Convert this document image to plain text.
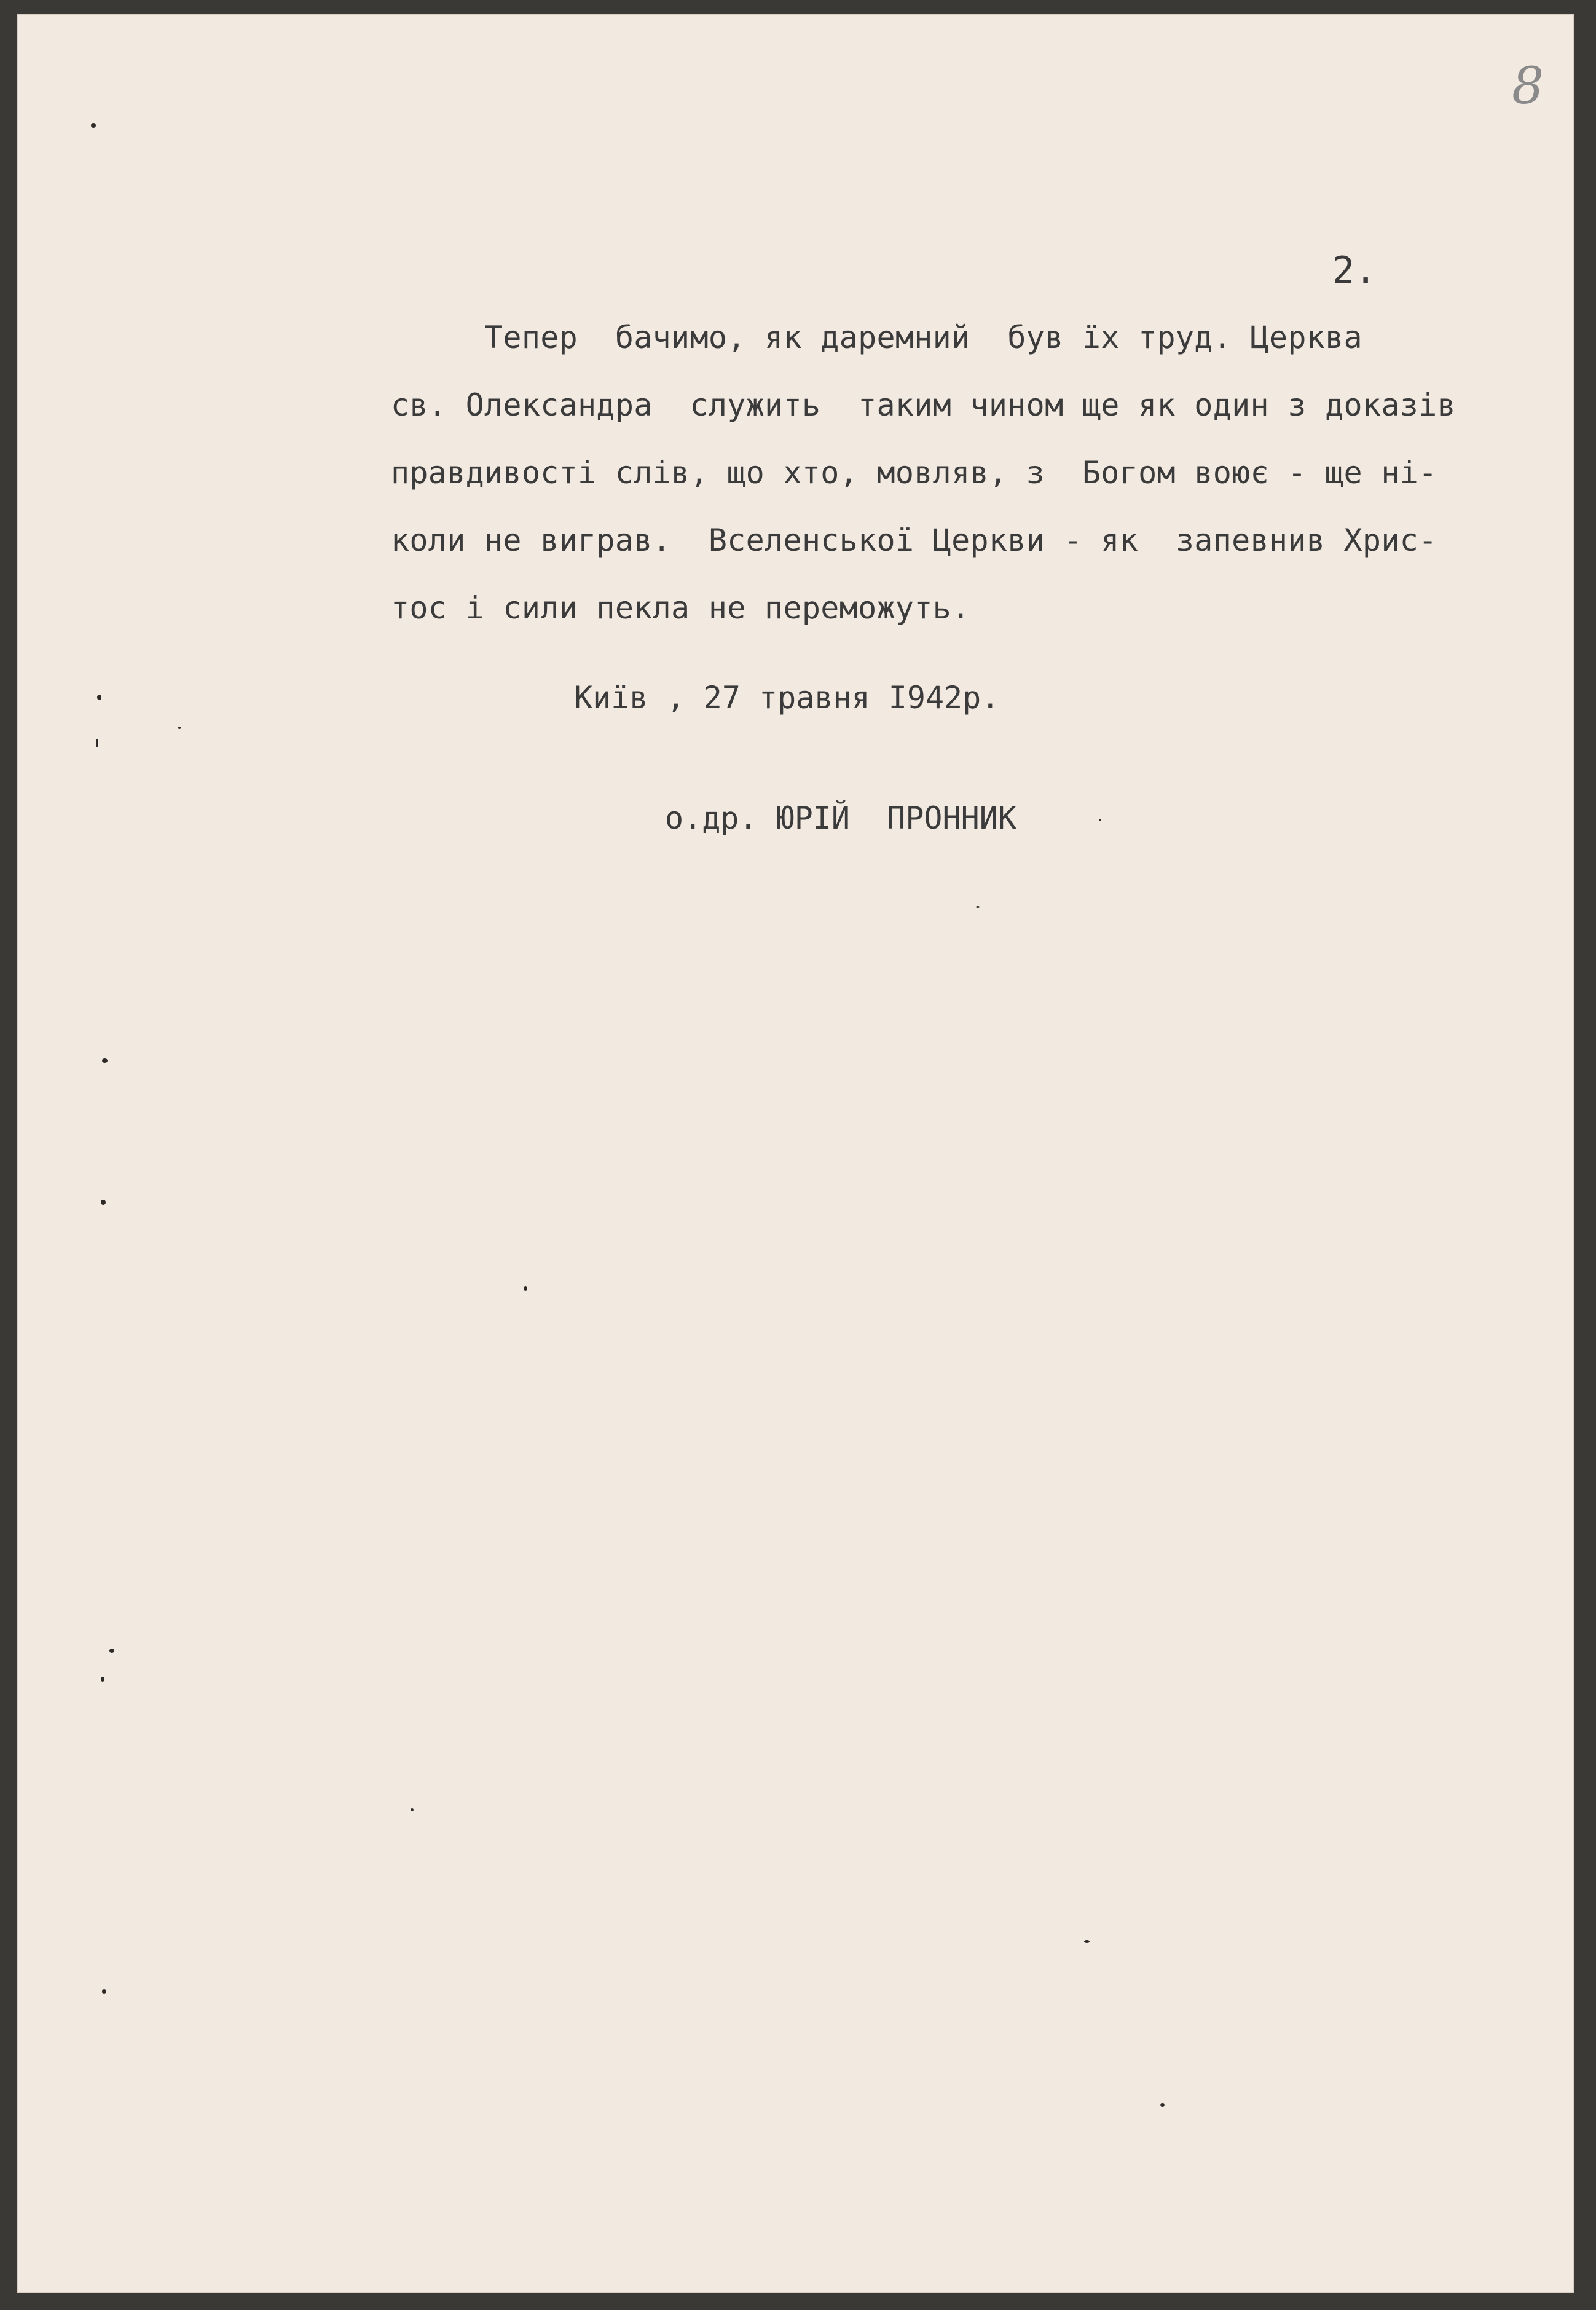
8
2.
Тепер  бачимо, як даремний  був їх труд. Церква
св. Олександра  служить  таким чином ще як один з доказів
правдивості слів, що хто, мовляв, з  Богом воює - ще ні-
коли не виграв.  Вселенської Церкви - як  запевнив Хрис-
тос і сили пекла не переможуть.
Київ , 27 травня І942р.
о.др. ЮРІЙ  ПРОННИК
